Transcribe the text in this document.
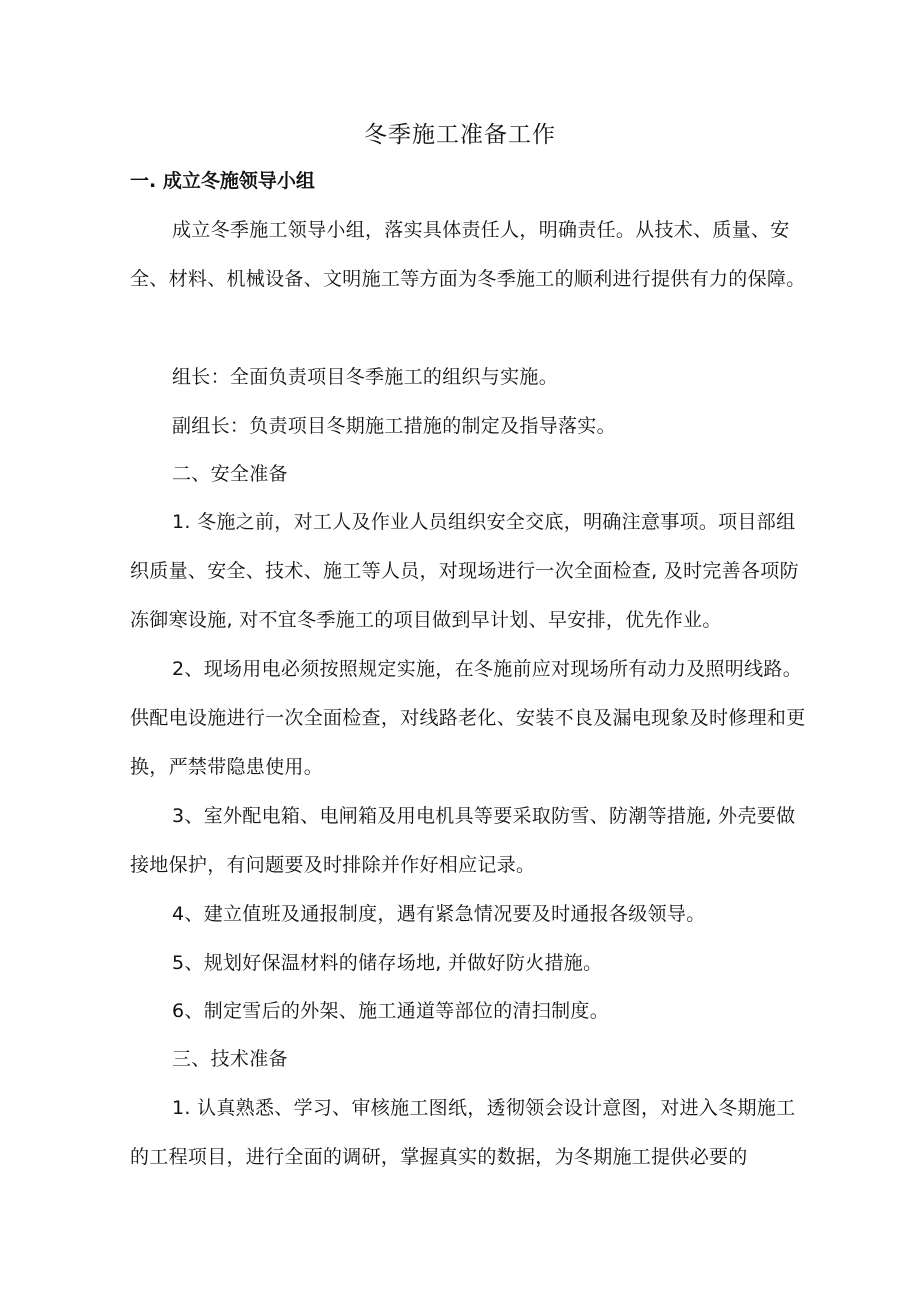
冬季施工准备工作
一. 成立冬施领导小组

成立冬季施工领导小组，落实具体责任人，明确责任。从技术、质量、安全、材料、机械设备、文明施工等方面为冬季施工的顺利进行提供有力的保障。

组长：全面负责项目冬季施工的组织与实施。

副组长：负责项目冬期施工措施的制定及指导落实。

二、安全准备

1. 冬施之前，对工人及作业人员组织安全交底，明确注意事项。项目部组织质量、安全、技术、施工等人员，对现场进行一次全面检查, 及时完善各项防冻御寒设施, 对不宜冬季施工的项目做到早计划、早安排，优先作业。

2、现场用电必须按照规定实施，在冬施前应对现场所有动力及照明线路。供配电设施进行一次全面检查，对线路老化、安装不良及漏电现象及时修理和更换，严禁带隐患使用。

3、室外配电箱、电闸箱及用电机具等要采取防雪、防潮等措施, 外壳要做接地保护，有问题要及时排除并作好相应记录。

4、建立值班及通报制度，遇有紧急情况要及时通报各级领导。

5、规划好保温材料的储存场地, 并做好防火措施。

6、制定雪后的外架、施工通道等部位的清扫制度。

三、技术准备

1. 认真熟悉、学习、审核施工图纸，透彻领会设计意图，对进入冬期施工的工程项目，进行全面的调研，掌握真实的数据，为冬期施工提供必要的
